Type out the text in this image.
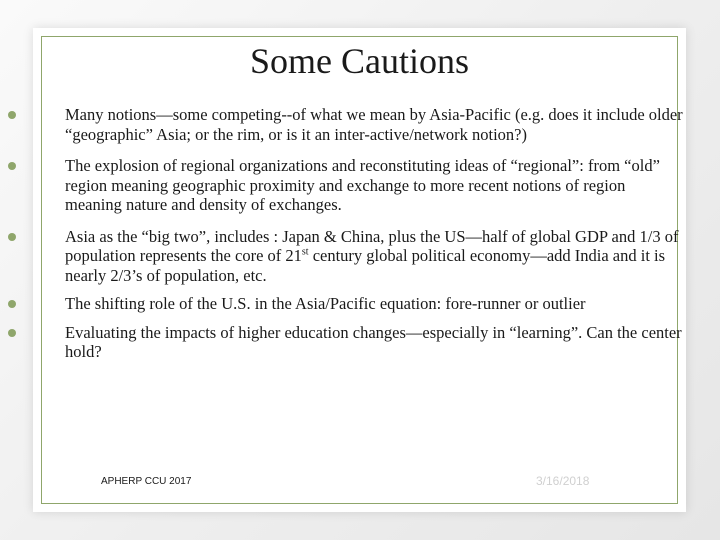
Some Cautions
Many notions—some competing--of what we mean by Asia-Pacific (e.g. does it include older “geographic” Asia; or the rim, or is it an inter-active/network notion?)
The explosion of regional organizations and reconstituting ideas of “regional”: from “old” region meaning geographic proximity and exchange to more recent notions of region meaning nature and density of exchanges.
Asia as the “big two”, includes : Japan & China, plus the US—half of global GDP and 1/3 of population represents the core of 21st century global political economy—add India and it is nearly 2/3’s of population, etc.
The shifting role of the U.S. in the Asia/Pacific equation: fore-runner or outlier
Evaluating the impacts of higher education changes—especially in “learning”. Can the center hold?
APHERP CCU 2017	3/16/2018
